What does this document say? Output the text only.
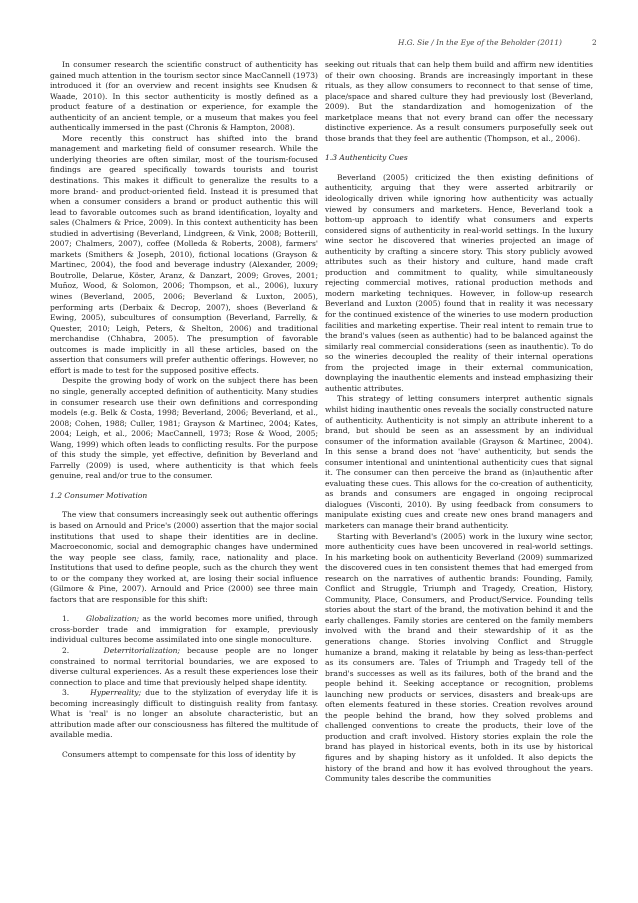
H.G. Sie / In the Eye of the Beholder (2011)	2

In consumer research the scientific construct of authenticity has gained much attention in the tourism sector since MacCannell (1973) introduced it (for an overview and recent insights see Knudsen & Waade, 2010). In this sector authenticity is mostly defined as a product feature of a destination or experience, for example the authenticity of an ancient temple, or a museum that makes you feel authentically immersed in the past (Chronis & Hampton, 2008).

More recently this construct has shifted into the brand management and marketing field of consumer research. While the underlying theories are often similar, most of the tourism-focused findings are geared specifically towards tourists and tourist destinations. This makes it difficult to generalize the results to a more brand- and product-oriented field. Instead it is presumed that when a consumer considers a brand or product authentic this will lead to favorable outcomes such as brand identification, loyalty and sales (Chalmers & Price, 2009). In this context authenticity has been studied in advertising (Beverland, Lindgreen, & Vink, 2008; Botterill, 2007; Chalmers, 2007), coffee (Molleda & Roberts, 2008), farmers' markets (Smithers & Joseph, 2010), fictional locations (Grayson & Martinec, 2004), the food and beverage industry (Alexander, 2009; Boutrolle, Delarue, Köster, Aranz, & Danzart, 2009; Groves, 2001; Muñoz, Wood, & Solomon, 2006; Thompson, et al., 2006), luxury wines (Beverland, 2005, 2006; Beverland & Luxton, 2005), performing arts (Derbaix & Decrop, 2007), shoes (Beverland & Ewing, 2005), subcultures of consumption (Beverland, Farrelly, & Quester, 2010; Leigh, Peters, & Shelton, 2006) and traditional merchandise (Chhabra, 2005). The presumption of favorable outcomes is made implicitly in all these articles, based on the assertion that consumers will prefer authentic offerings. However, no effort is made to test for the supposed positive effects.

Despite the growing body of work on the subject there has been no single, generally accepted definition of authenticity. Many studies in consumer research use their own definitions and corresponding models (e.g. Belk & Costa, 1998; Beverland, 2006; Beverland, et al., 2008; Cohen, 1988; Culler, 1981; Grayson & Martinec, 2004; Kates, 2004; Leigh, et al., 2006; MacCannell, 1973; Rose & Wood, 2005; Wang, 1999) which often leads to conflicting results. For the purpose of this study the simple, yet effective, definition by Beverland and Farrelly (2009) is used, where authenticity is that which feels genuine, real and/or true to the consumer.

1.2 Consumer Motivation

The view that consumers increasingly seek out authentic offerings is based on Arnould and Price's (2000) assertion that the major social institutions that used to shape their identities are in decline. Macroeconomic, social and demographic changes have undermined the way people see class, family, race, nationality and place. Institutions that used to define people, such as the church they went to or the company they worked at, are losing their social influence (Gilmore & Pine, 2007). Arnould and Price (2000) see three main factors that are responsible for this shift:

1. Globalization; as the world becomes more unified, through cross-border trade and immigration for example, previously individual cultures become assimilated into one single monoculture.

2.	Deterritorialization; because people are no longer constrained to normal territorial boundaries, we are exposed to diverse cultural experiences. As a result these experiences lose their connection to place and time that previously helped shape identity.

3.	Hyperreality; due to the stylization of everyday life it is becoming increasingly difficult to distinguish reality from fantasy. What is 'real' is no longer an absolute characteristic, but an attribution made after our consciousness has filtered the multitude of available media.

Consumers attempt to compensate for this loss of identity by

seeking out rituals that can help them build and affirm new identities of their own choosing. Brands are increasingly important in these rituals, as they allow consumers to reconnect to that sense of time, place/space and shared culture they had previously lost (Beverland, 2009). But the standardization and homogenization of the marketplace means that not every brand can offer the necessary distinctive experience. As a result consumers purposefully seek out those brands that they feel are authentic (Thompson, et al., 2006).

1.3 Authenticity Cues

Beverland (2005) criticized the then existing definitions of authenticity, arguing that they were asserted arbitrarily or ideologically driven while ignoring how authenticity was actually viewed by consumers and marketers. Hence, Beverland took a bottom-up approach to identify what consumers and experts considered signs of authenticity in real-world settings. In the luxury wine sector he discovered that wineries projected an image of authenticity by crafting a sincere story. This story publicly avowed attributes such as their history and culture, hand made craft production and commitment to quality, while simultaneously rejecting commercial motives, rational production methods and modern marketing techniques. However, in follow-up research Beverland and Luxton (2005) found that in reality it was necessary for the continued existence of the wineries to use modern production facilities and marketing expertise. Their real intent to remain true to the brand's values (seen as authentic) had to be balanced against the similarly real commercial considerations (seen as inauthentic). To do so the wineries decoupled the reality of their internal operations from the projected image in their external communication, downplaying the inauthentic elements and instead emphasizing their authentic attributes.

This strategy of letting consumers interpret authentic signals whilst hiding inauthentic ones reveals the socially constructed nature of authenticity. Authenticity is not simply an attribute inherent to a brand, but should be seen as an assessment by an individual consumer of the information available (Grayson & Martinec, 2004). In this sense a brand does not 'have' authenticity, but sends the consumer intentional and unintentional authenticity cues that signal it. The consumer can then perceive the brand as (in)authentic after evaluating these cues. This allows for the co-creation of authenticity, as brands and consumers are engaged in ongoing reciprocal dialogues (Visconti, 2010). By using feedback from consumers to manipulate existing cues and create new ones brand managers and marketers can manage their brand authenticity.

Starting with Beverland's (2005) work in the luxury wine sector, more authenticity cues have been uncovered in real-world settings. In his marketing book on authenticity Beverland (2009) summarized the discovered cues in ten consistent themes that had emerged from research on the narratives of authentic brands: Founding, Family, Conflict and Struggle, Triumph and Tragedy, Creation, History, Community, Place, Consumers, and Product/Service. Founding tells stories about the start of the brand, the motivation behind it and the early challenges. Family stories are centered on the family members involved with the brand and their stewardship of it as the generations change. Stories involving Conflict and Struggle humanize a brand, making it relatable by being as less-than-perfect as its consumers are. Tales of Triumph and Tragedy tell of the brand's successes as well as its failures, both of the brand and the people behind it. Seeking acceptance or recognition, problems launching new products or services, disasters and break-ups are often elements featured in these stories. Creation revolves around the people behind the brand, how they solved problems and challenged conventions to create the products, their love of the production and craft involved. History stories explain the role the brand has played in historical events, both in its use by historical figures and by shaping history as it unfolded. It also depicts the history of the brand and how it has evolved throughout the years. Community tales describe the communities
